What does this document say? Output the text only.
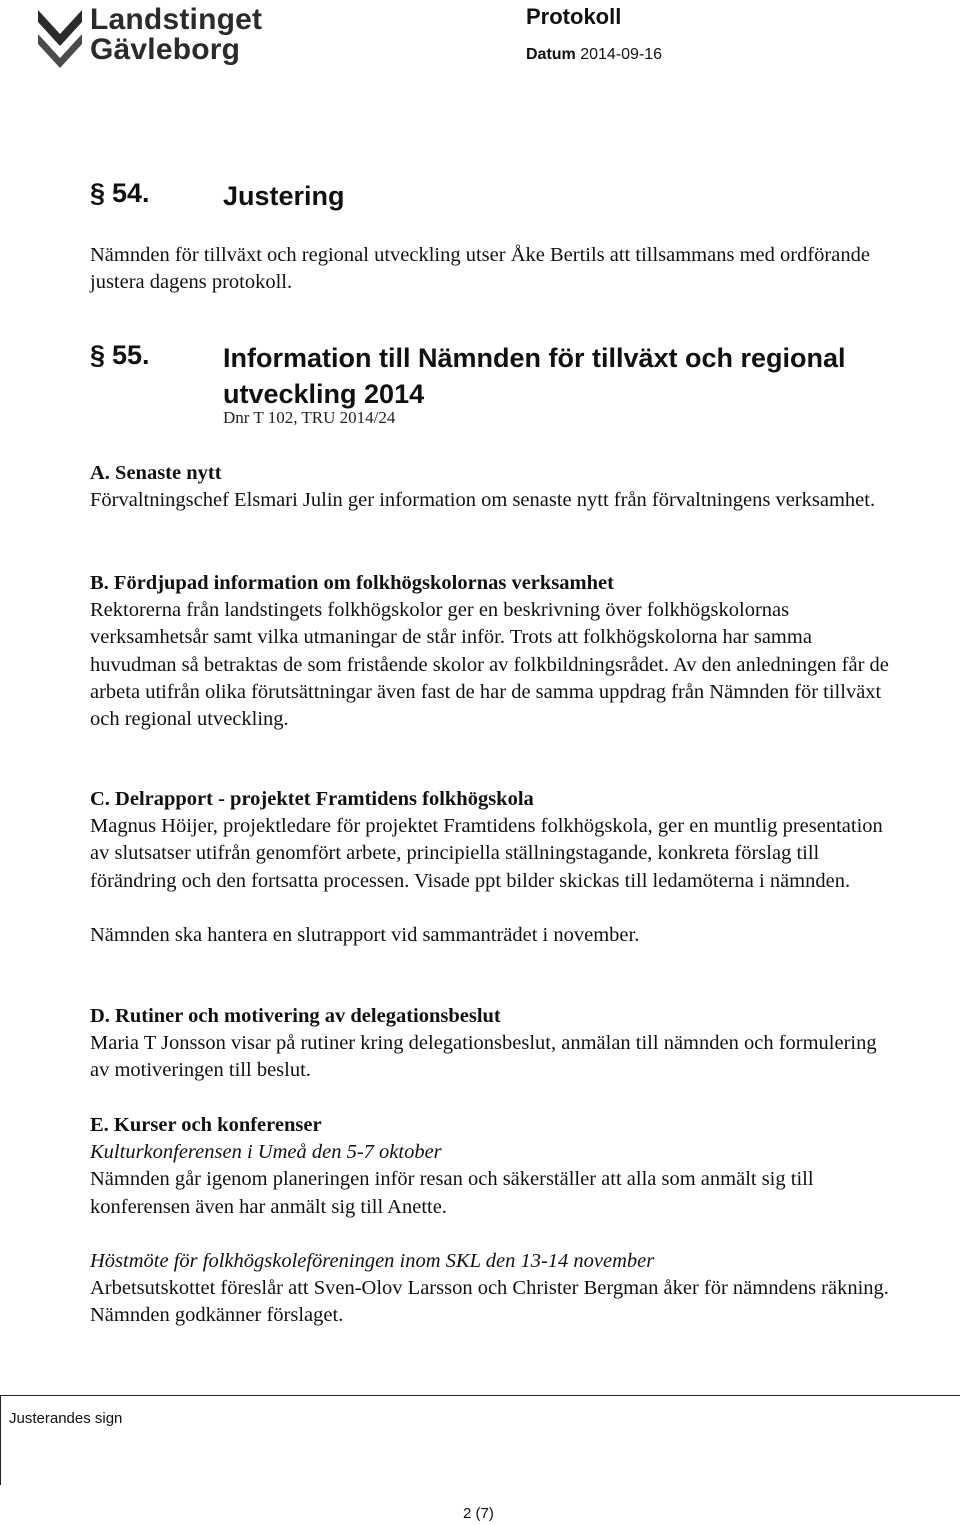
Landstinget
Gävleborg
Protokoll
Datum 2014-09-16
§ 54.	Justering

Nämnden för tillväxt och regional utveckling utser Åke Bertils att tillsammans med ordförande justera dagens protokoll.

§ 55.	Information till Nämnden för tillväxt och regional
utveckling 2014
Dnr T 102, TRU 2014/24
A. Senaste nytt
Förvaltningschef Elsmari Julin ger information om senaste nytt från förvaltningens verksamhet.
B. Fördjupad information om folkhögskolornas verksamhet
Rektorerna från landstingets folkhögskolor ger en beskrivning över folkhögskolornas verksamhetsår samt vilka utmaningar de står inför. Trots att folkhögskolorna har samma huvudman så betraktas de som fristående skolor av folkbildningsrådet. Av den anledningen får de arbeta utifrån olika förutsättningar även fast de har de samma uppdrag från Nämnden för tillväxt och regional utveckling.
C. Delrapport - projektet Framtidens folkhögskola
Magnus Höijer, projektledare för projektet Framtidens folkhögskola, ger en muntlig presentation av slutsatser utifrån genomfört arbete, principiella ställningstagande, konkreta förslag till förändring och den fortsatta processen. Visade ppt bilder skickas till ledamöterna i nämnden.
Nämnden ska hantera en slutrapport vid sammanträdet i november.
D. Rutiner och motivering av delegationsbeslut
Maria T Jonsson visar på rutiner kring delegationsbeslut, anmälan till nämnden och formulering av motiveringen till beslut.
E. Kurser och konferenser
Kulturkonferensen i Umeå den 5-7 oktober
Nämnden går igenom planeringen inför resan och säkerställer att alla som anmält sig till konferensen även har anmält sig till Anette.
Höstmöte för folkhögskoleföreningen inom SKL den 13-14 november
Arbetsutskottet föreslår att Sven-Olov Larsson och Christer Bergman åker för nämndens räkning. Nämnden godkänner förslaget.
Justerandes sign
2 (7)
